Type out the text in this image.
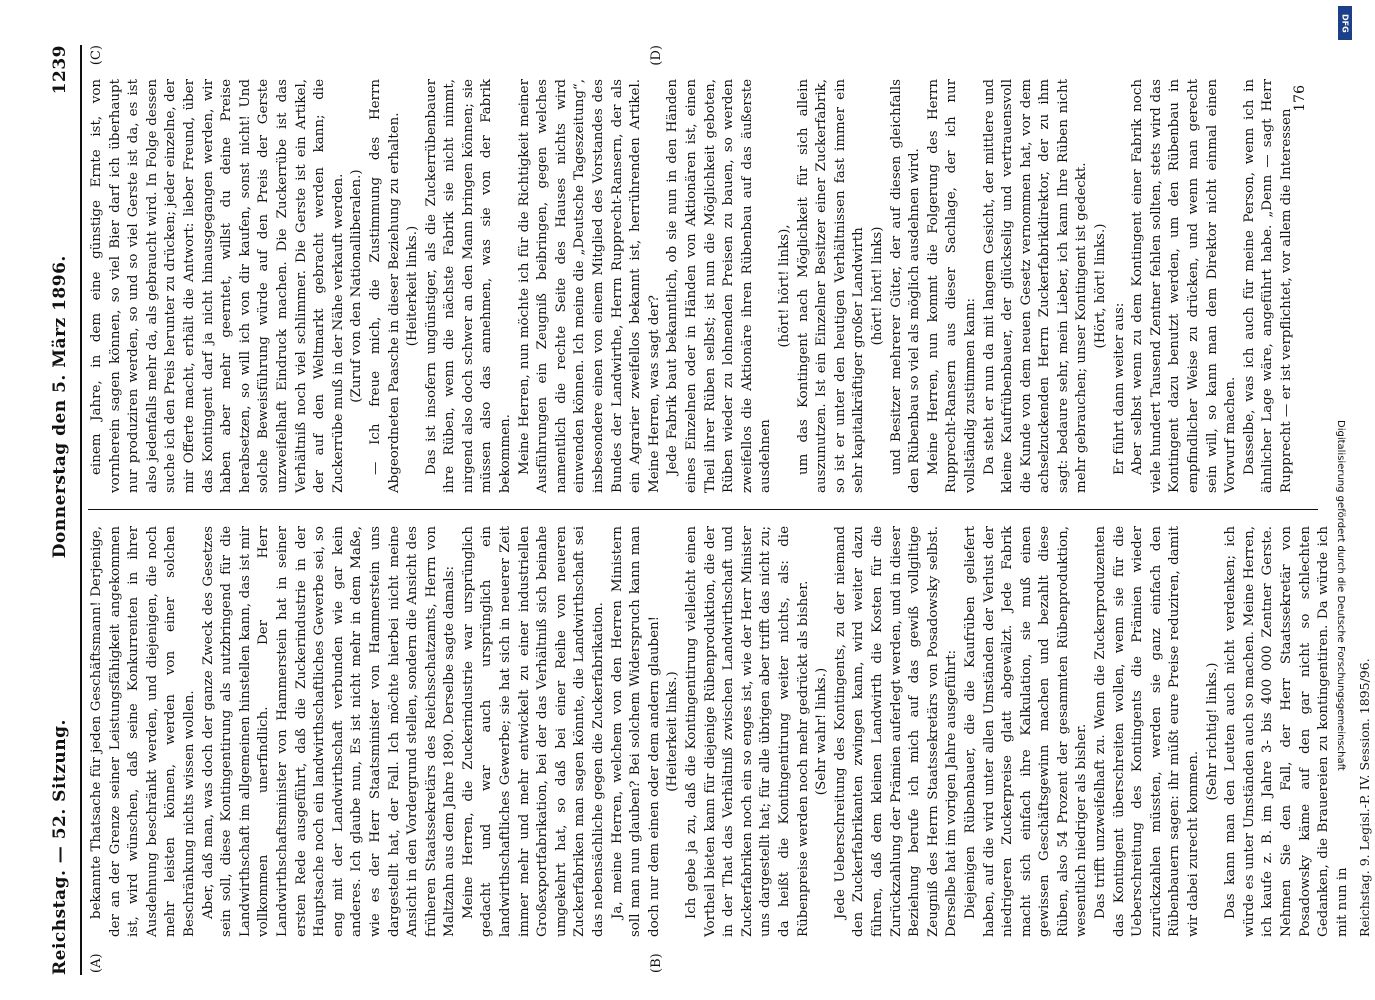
Reichstag. — 52. Sitzung.
Donnerstag den 5. März 1896.
1239
(A)	(B)

bekannte Thatsache für jeden Geschäftsmann! Derjenige, der an der Grenze seiner Leistungsfähigkeit angekommen ist, wird wünschen, daß seine Konkurrenten in ihrer Ausdehnung beschränkt werden, und diejenigen, die noch mehr leisten können, werden von einer solchen Beschränkung nichts wissen wollen. Aber, daß man, was doch der ganze Zweck des Gesetzes sein soll, diese Kontingentirung als nutzbringend für die Landwirthschaft im allgemeinen hinstellen kann, das ist mir vollkommen unerfindlich. Der Herr Landwirthschaftsminister von Hammerstein hat in seiner ersten Rede ausgeführt, daß die Zuckerindustrie in der Hauptsache noch ein landwirthschaftliches Gewerbe sei, so eng mit der Landwirthschaft verbunden wie gar kein anderes. Ich glaube nun, Es ist nicht mehr in dem Maße, wie es der Herr Staatsminister von Hammerstein uns dargestellt hat, der Fall. Ich möchte hierbei nicht meine Ansicht in den Vordergrund stellen, sondern die Ansicht des früheren Staatssekretärs des Reichsschatzamts, Herrn von Maltzahn aus dem Jahre 1890. Derselbe sagte damals: Meine Herren, die Zuckerindustrie war ursprünglich gedacht und war auch ursprünglich ein landwirthschaftliches Gewerbe; sie hat sich in neuerer Zeit immer mehr und mehr entwickelt zu einer industriellen Großexportfabrikation, bei der das Verhältniß sich beinahe umgekehrt hat, so daß bei einer Reihe von neueren Zuckerfabriken man sagen könnte, die Landwirthschaft sei das nebensächliche gegen die Zuckerfabrikation. Ja, meine Herren, welchem von den Herren Ministern soll man nun glauben? Bei solchem Widerspruch kann man doch nur dem einen oder dem andern glauben! (Heiterkeit links.) Ich gebe ja zu, daß die Kontingentirung vielleicht einen Vortheil bieten kann für diejenige Rübenproduktion, die der in der That das Verhältniß zwischen Landwirthschaft und Zuckerfabriken noch ein so enges ist, wie der Herr Minister uns dargestellt hat; für alle übrigen aber trifft das nicht zu; da heißt die Kontingentirung weiter nichts, als: die Rübenpreise werden noch mehr gedrückt als bisher. (Sehr wahr! links.) Jede Ueberschreitung des Kontingents, zu der niemand den Zuckerfabrikanten zwingen kann, wird weiter dazu führen, daß dem kleinen Landwirth die Kosten für die Zurückzahlung der Prämien auferlegt werden, und in dieser Beziehung berufe ich mich auf das gewiß vollgiltige Zeugniß des Herrn Staatssekretärs von Posadowsky selbst. Derselbe hat im vorigen Jahre ausgeführt: Diejenigen Rübenbauer, die die Kaufrüben geliefert haben, auf die wird unter allen Umständen der Verlust der niedrigeren Zuckerpreise glatt abgewälzt. Jede Fabrik macht sich einfach ihre Kalkulation, sie muß einen gewissen Geschäftsgewinn machen und bezahlt diese Rüben, also 54 Prozent der gesammten Rübenproduktion, wesentlich niedriger als bisher. Das trifft unzweifelhaft zu. Wenn die Zuckerproduzenten das Kontingent überschreiten wollen, wenn sie für die Ueberschreitung des Kontingents die Prämien wieder zurückzahlen müssten, werden sie ganz einfach den Rübenbauern sagen: ihr müßt eure Preise reduziren, damit wir dabei zurecht kommen.

(Sehr richtig! links.) Das kann man den Leuten auch nicht verdenken; ich würde es unter Umständen auch so machen. Meine Herren, ich kaufe z. B. im Jahre 3- bis 400 000 Zentner Gerste. Nehmen Sie den Fall, der Herr Staatssekretär von Posadowsky käme auf den gar nicht so schlechten Gedanken, die Brauereien zu kontingentiren. Da würde ich mit nun in Reichstag. 9. Legisl.-P. IV. Session. 1895/96.
(C)	(D)

einem Jahre, in dem eine günstige Ernte ist, von vornherein sagen können, so viel Bier darf ich überhaupt nur produziren werden, so und so viel Gerste ist da, es ist also jedenfalls mehr da, als gebraucht wird. In Folge dessen suche ich den Preis herunter zu drücken; jeder einzelne, der mir Offerte macht, erhält die Antwort: lieber Freund, über das Kontingent darf ja nicht hinausgegangen werden, wir haben aber mehr geerntet, willst du deine Preise herabsetzen, so will ich von dir kaufen, sonst nicht! Und solche Beweisführung würde auf den Preis der Gerste unzweifelhaft Eindruck machen. Die Zuckerrübe ist das Verhältniß noch viel schlimmer. Die Gerste ist ein Artikel, der auf den Weltmarkt gebracht werden kann; die Zuckerrübe muß in der Nähe verkauft werden. (Zuruf von den Nationalliberalen.) — Ich freue mich, die Zustimmung des Herrn Abgeordneten Paasche in dieser Beziehung zu erhalten. (Heiterkeit links.) Das ist insofern ungünstiger, als die Zuckerrübenbauer ihre Rüben, wenn die nächste Fabrik sie nicht nimmt, nirgend also doch schwer an den Mann bringen können; sie müssen also das annehmen, was sie von der Fabrik bekommen. Meine Herren, nun möchte ich für die Richtigkeit meiner Ausführungen ein Zeugniß beibringen, gegen welches namentlich die rechte Seite des Hauses nichts wird einwenden können. Ich meine die „Deutsche Tageszeitung“, insbesondere einen von einem Mitglied des Vorstandes des Bundes der Landwirthe, Herrn Rupprecht-Ransern, der als ein Agrarier zweifellos bekannt ist, herrührenden Artikel. Meine Herren, was sagt der? Jede Fabrik baut bekanntlich, ob sie nun in den Händen eines Einzelnen oder in Händen von Aktionären ist, einen Theil ihrer Rüben selbst; ist nun die Möglichkeit geboten, Rüben wieder zu lohnenden Preisen zu bauen, so werden zweifellos die Aktionäre ihren Rübenbau auf das äußerste ausdehnen

(hört! hört! links), um das Kontingent nach Möglichkeit für sich allein auszunutzen. Ist ein Einzelner Besitzer einer Zuckerfabrik, so ist er unter den heutigen Verhältnissen fast immer ein sehr kapitalkräftiger großer Landwirth (hört! hört! links) und Besitzer mehrerer Güter, der auf diesen gleichfalls den Rübenbau so viel als möglich ausdehnen wird. Meine Herren, nun kommt die Folgerung des Herrn Rupprecht-Ransern aus dieser Sachlage, der ich nur vollständig zustimmen kann: Da steht er nun da mit langem Gesicht, der mittlere und kleine Kaufrübenbauer, der glückselig und vertrauensvoll die Kunde von dem neuen Gesetz vernommen hat, vor dem achselzuckenden Herrn Zuckerfabrikdirektor, der zu ihm sagt: bedaure sehr, mein Lieber, ich kann Ihre Rüben nicht mehr gebrauchen; unser Kontingent ist gedeckt. (Hört, hört! links.)

Er führt dann weiter aus: Aber selbst wenn zu dem Kontingent einer Fabrik noch viele hundert Tausend Zentner fehlen sollten, stets wird das Kontingent dazu benutzt werden, um den Rübenbau in empfindlicher Weise zu drücken, und wenn man gerecht sein will, so kann man dem Direktor nicht einmal einen Vorwurf machen. Dasselbe, was ich auch für meine Person, wenn ich in ähnlicher Lage wäre, angeführt habe. „Denn — sagt Herr Rupprecht — er ist verpflichtet, vor allem die Interessen

176
DFG
Digitalisierung gefördert durch die Deutsche Forschungsgemeinschaft
